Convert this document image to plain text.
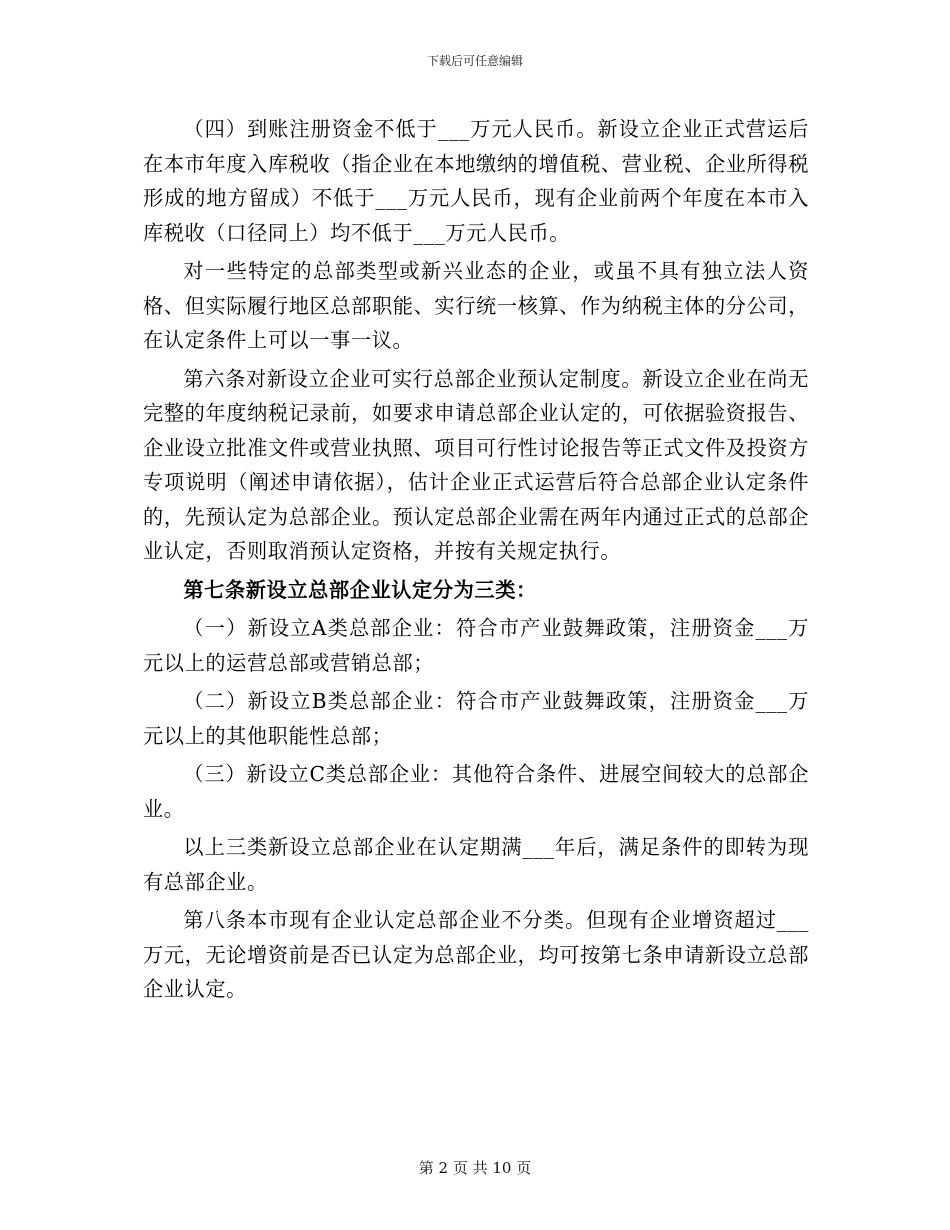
下载后可任意编辑

（四）到账注册资金不低于___万元人民币。新设立企业正式营运后在本市年度入库税收（指企业在本地缴纳的增值税、营业税、企业所得税形成的地方留成）不低于___万元人民币，现有企业前两个年度在本市入库税收（口径同上）均不低于___万元人民币。

对一些特定的总部类型或新兴业态的企业，或虽不具有独立法人资格、但实际履行地区总部职能、实行统一核算、作为纳税主体的分公司，在认定条件上可以一事一议。

第六条对新设立企业可实行总部企业预认定制度。新设立企业在尚无完整的年度纳税记录前，如要求申请总部企业认定的，可依据验资报告、企业设立批准文件或营业执照、项目可行性讨论报告等正式文件及投资方专项说明（阐述申请依据），估计企业正式运营后符合总部企业认定条件的，先预认定为总部企业。预认定总部企业需在两年内通过正式的总部企业认定，否则取消预认定资格，并按有关规定执行。

第七条新设立总部企业认定分为三类：

（一）新设立A类总部企业：符合市产业鼓舞政策，注册资金___万元以上的运营总部或营销总部；

（二）新设立B类总部企业：符合市产业鼓舞政策，注册资金___万元以上的其他职能性总部；

（三）新设立C类总部企业：其他符合条件、进展空间较大的总部企业。

以上三类新设立总部企业在认定期满___年后，满足条件的即转为现有总部企业。

第八条本市现有企业认定总部企业不分类。但现有企业增资超过___万元，无论增资前是否已认定为总部企业，均可按第七条申请新设立总部企业认定。

第 2 页 共 10 页
